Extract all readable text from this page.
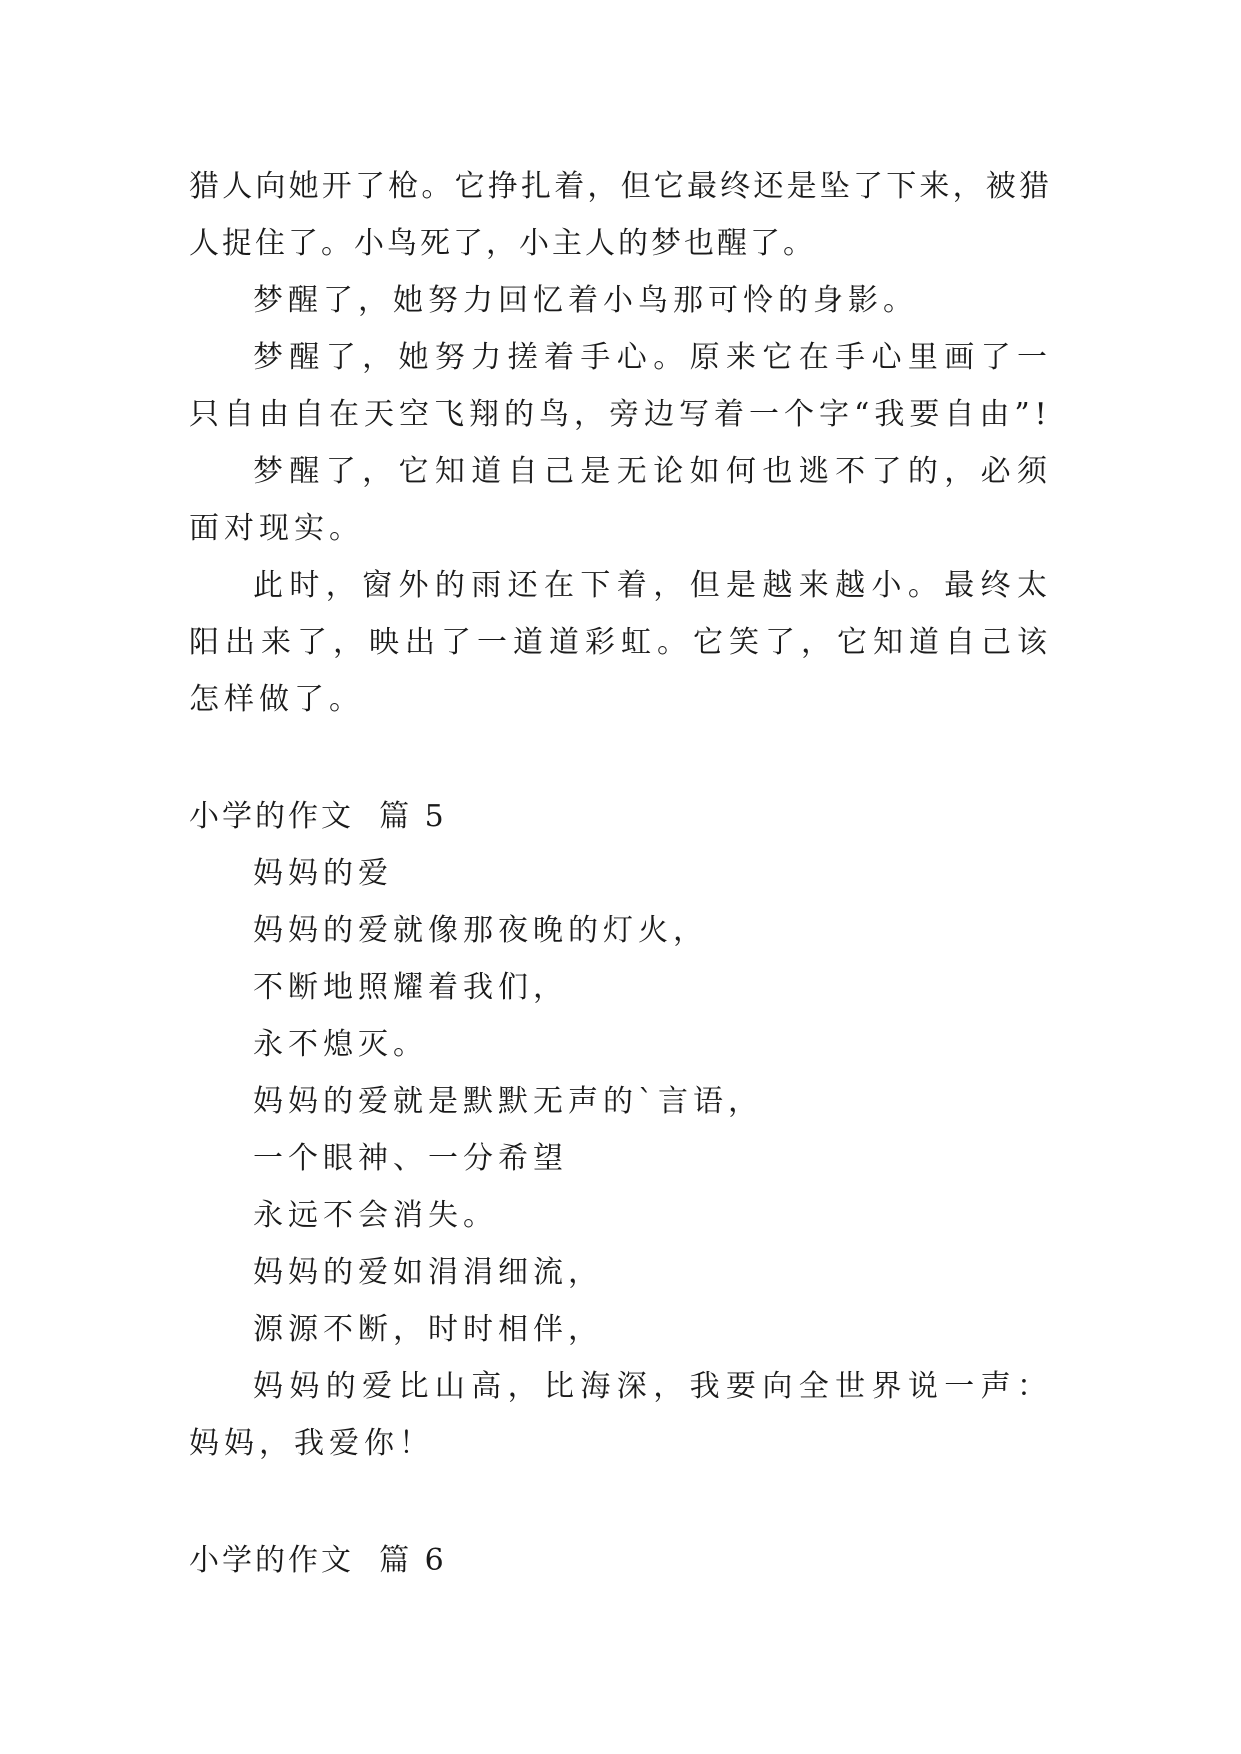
猎人向她开了枪。它挣扎着，但它最终还是坠了下来，被猎人捉住了。小鸟死了，小主人的梦也醒了。

梦醒了，她努力回忆着小鸟那可怜的身影。

梦醒了，她努力搓着手心。原来它在手心里画了一只自由自在天空飞翔的鸟，旁边写着一个字“我要自由”!

梦醒了，它知道自己是无论如何也逃不了的，必须面对现实。

此时，窗外的雨还在下着，但是越来越小。最终太阳出来了，映出了一道道彩虹。它笑了，它知道自己该怎样做了。

小学的作文  篇 5

妈妈的爱

妈妈的爱就像那夜晚的灯火，

不断地照耀着我们，

永不熄灭。

妈妈的爱就是默默无声的`言语，

一个眼神、一分希望

永远不会消失。

妈妈的爱如涓涓细流，

源源不断，时时相伴，

妈妈的爱比山高，比海深，我要向全世界说一声：妈妈，我爱你！

小学的作文  篇 6
